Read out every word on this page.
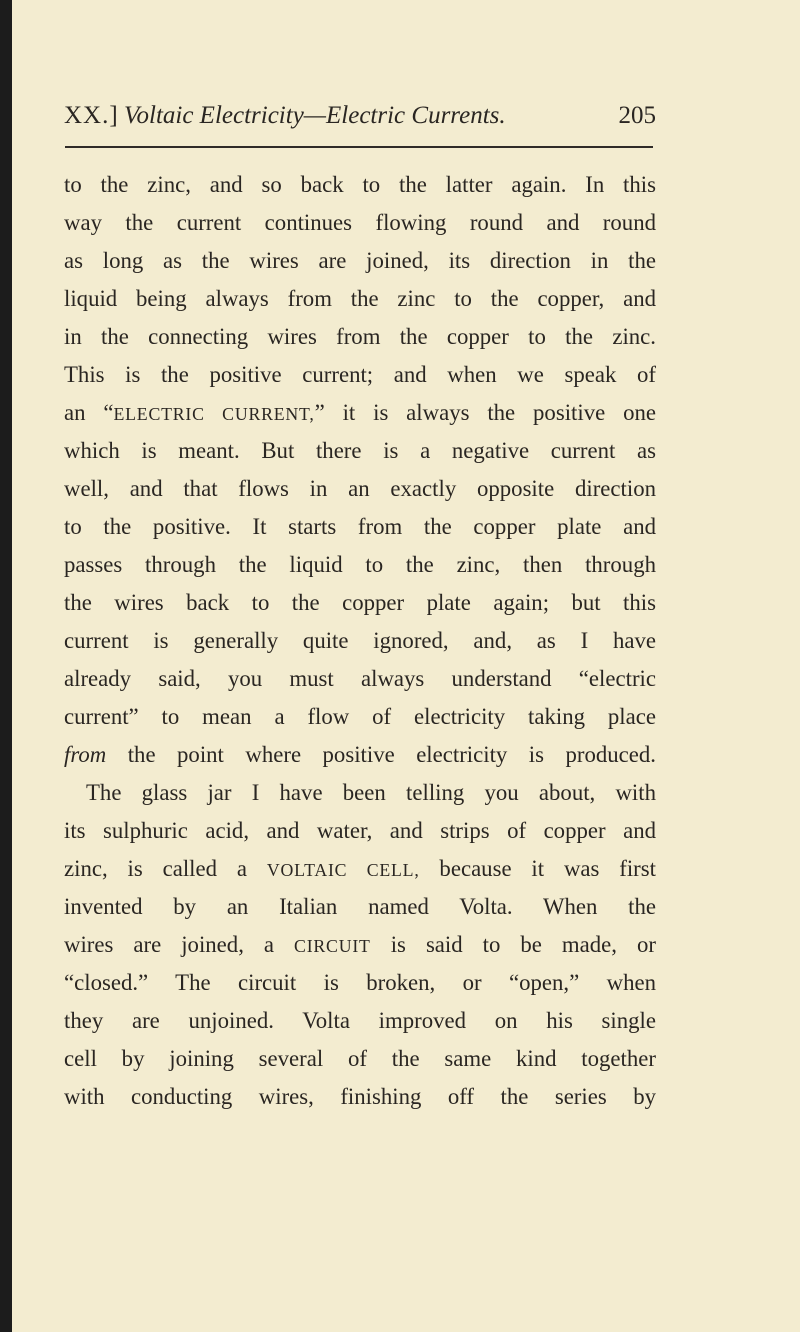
XX.] Voltaic Electricity—Electric Currents.	205
to the zinc, and so back to the latter again. In this
way the current continues flowing round and round
as long as the wires are joined, its direction in the
liquid being always from the zinc to the copper, and
in the connecting wires from the copper to the zinc.
This is the positive current; and when we speak of
an “ELECTRIC CURRENT,” it is always the positive one
which is meant. But there is a negative current as
well, and that flows in an exactly opposite direction
to the positive. It starts from the copper plate and
passes through the liquid to the zinc, then through
the wires back to the copper plate again; but this
current is generally quite ignored, and, as I have
already said, you must always understand “electric
current” to mean a flow of electricity taking place
from the point where positive electricity is produced.
The glass jar I have been telling you about, with
its sulphuric acid, and water, and strips of copper and
zinc, is called a VOLTAIC CELL, because it was first
invented by an Italian named Volta. When the
wires are joined, a CIRCUIT is said to be made, or
“closed.” The circuit is broken, or “open,” when
they are unjoined. Volta improved on his single
cell by joining several of the same kind together
with conducting wires, finishing off the series by
